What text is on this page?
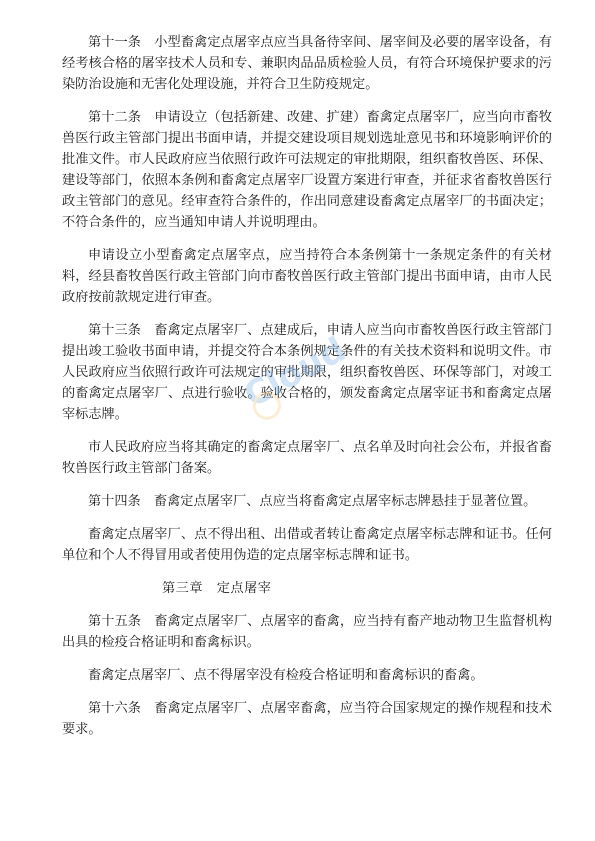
第十一条　小型畜禽定点屠宰点应当具备待宰间、屠宰间及必要的屠宰设备，有经考核合格的屠宰技术人员和专、兼职肉品品质检验人员，有符合环境保护要求的污染防治设施和无害化处理设施，并符合卫生防疫规定。

第十二条　申请设立（包括新建、改建、扩建）畜禽定点屠宰厂，应当向市畜牧兽医行政主管部门提出书面申请，并提交建设项目规划选址意见书和环境影响评价的批准文件。市人民政府应当依照行政许可法规定的审批期限，组织畜牧兽医、环保、建设等部门，依照本条例和畜禽定点屠宰厂设置方案进行审查，并征求省畜牧兽医行政主管部门的意见。经审查符合条件的，作出同意建设畜禽定点屠宰厂的书面决定；不符合条件的，应当通知申请人并说明理由。

申请设立小型畜禽定点屠宰点，应当持符合本条例第十一条规定条件的有关材料，经县畜牧兽医行政主管部门向市畜牧兽医行政主管部门提出书面申请，由市人民政府按前款规定进行审查。

第十三条　畜禽定点屠宰厂、点建成后，申请人应当向市畜牧兽医行政主管部门提出竣工验收书面申请，并提交符合本条例规定条件的有关技术资料和说明文件。市人民政府应当依照行政许可法规定的审批期限，组织畜牧兽医、环保等部门，对竣工的畜禽定点屠宰厂、点进行验收。验收合格的，颁发畜禽定点屠宰证书和畜禽定点屠宰标志牌。

市人民政府应当将其确定的畜禽定点屠宰厂、点名单及时向社会公布，并报省畜牧兽医行政主管部门备案。

第十四条　畜禽定点屠宰厂、点应当将畜禽定点屠宰标志牌悬挂于显著位置。

畜禽定点屠宰厂、点不得出租、出借或者转让畜禽定点屠宰标志牌和证书。任何单位和个人不得冒用或者使用伪造的定点屠宰标志牌和证书。

第三章　定点屠宰

第十五条　畜禽定点屠宰厂、点屠宰的畜禽，应当持有畜产地动物卫生监督机构出具的检疫合格证明和畜禽标识。

畜禽定点屠宰厂、点不得屠宰没有检疫合格证明和畜禽标识的畜禽。

第十六条　畜禽定点屠宰厂、点屠宰畜禽，应当符合国家规定的操作规程和技术要求。

Cloud
